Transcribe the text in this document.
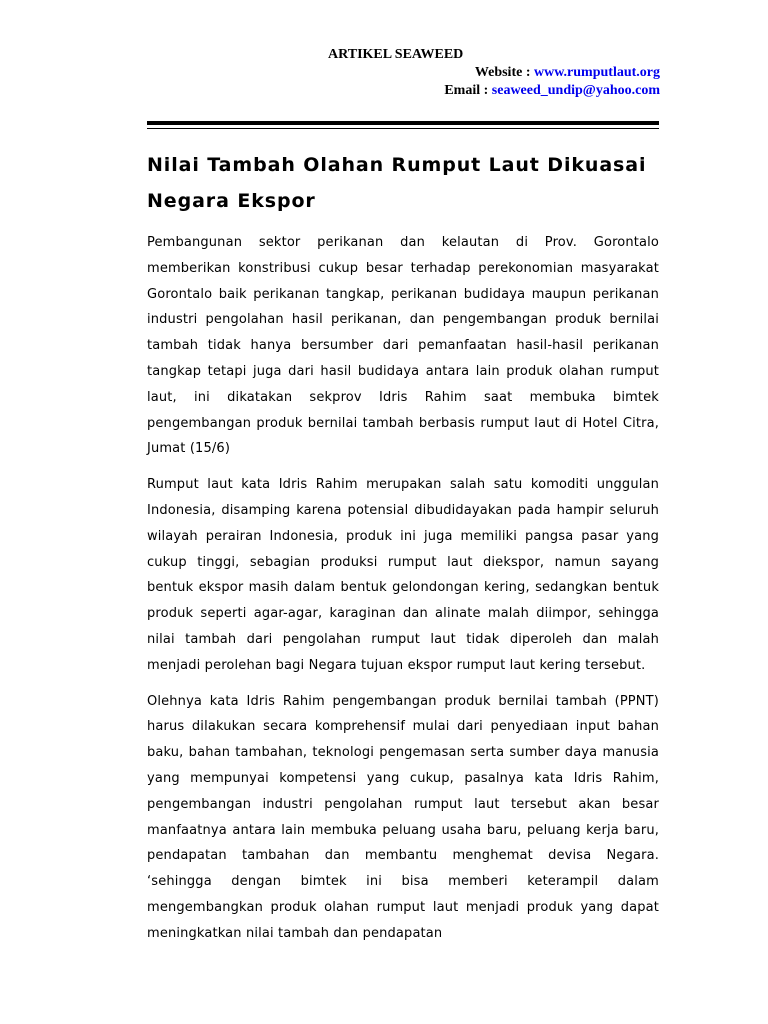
ARTIKEL SEAWEED
Website : www.rumputlaut.org
Email : seaweed_undip@yahoo.com
Nilai Tambah Olahan Rumput Laut Dikuasai Negara Ekspor

Pembangunan sektor perikanan dan kelautan di Prov. Gorontalo memberikan konstribusi cukup besar terhadap perekonomian masyarakat Gorontalo baik perikanan tangkap, perikanan budidaya maupun perikanan industri pengolahan hasil perikanan, dan pengembangan produk bernilai tambah tidak hanya bersumber dari pemanfaatan hasil-hasil perikanan tangkap tetapi juga dari hasil budidaya antara lain produk olahan rumput laut, ini dikatakan sekprov Idris Rahim saat membuka bimtek pengembangan produk bernilai tambah berbasis rumput laut di Hotel Citra, Jumat (15/6)

Rumput laut kata Idris Rahim merupakan salah satu komoditi unggulan Indonesia, disamping karena potensial dibudidayakan pada hampir seluruh wilayah perairan Indonesia, produk ini juga memiliki pangsa pasar yang cukup tinggi, sebagian produksi rumput laut diekspor, namun sayang bentuk ekspor masih dalam bentuk gelondongan kering, sedangkan bentuk produk seperti agar-agar, karaginan dan alinate malah diimpor, sehingga nilai tambah dari pengolahan rumput laut tidak diperoleh dan malah menjadi perolehan bagi Negara tujuan ekspor rumput laut kering tersebut.

Olehnya kata Idris Rahim pengembangan produk bernilai tambah (PPNT) harus dilakukan secara komprehensif mulai dari penyediaan input bahan baku, bahan tambahan, teknologi pengemasan serta sumber daya manusia yang mempunyai kompetensi yang cukup, pasalnya kata Idris Rahim, pengembangan industri pengolahan rumput laut tersebut akan besar manfaatnya antara lain membuka peluang usaha baru, peluang kerja baru, pendapatan tambahan dan membantu menghemat devisa Negara. ‘sehingga dengan bimtek ini bisa memberi keterampil dalam mengembangkan produk olahan rumput laut menjadi produk yang dapat meningkatkan nilai tambah dan pendapatan
